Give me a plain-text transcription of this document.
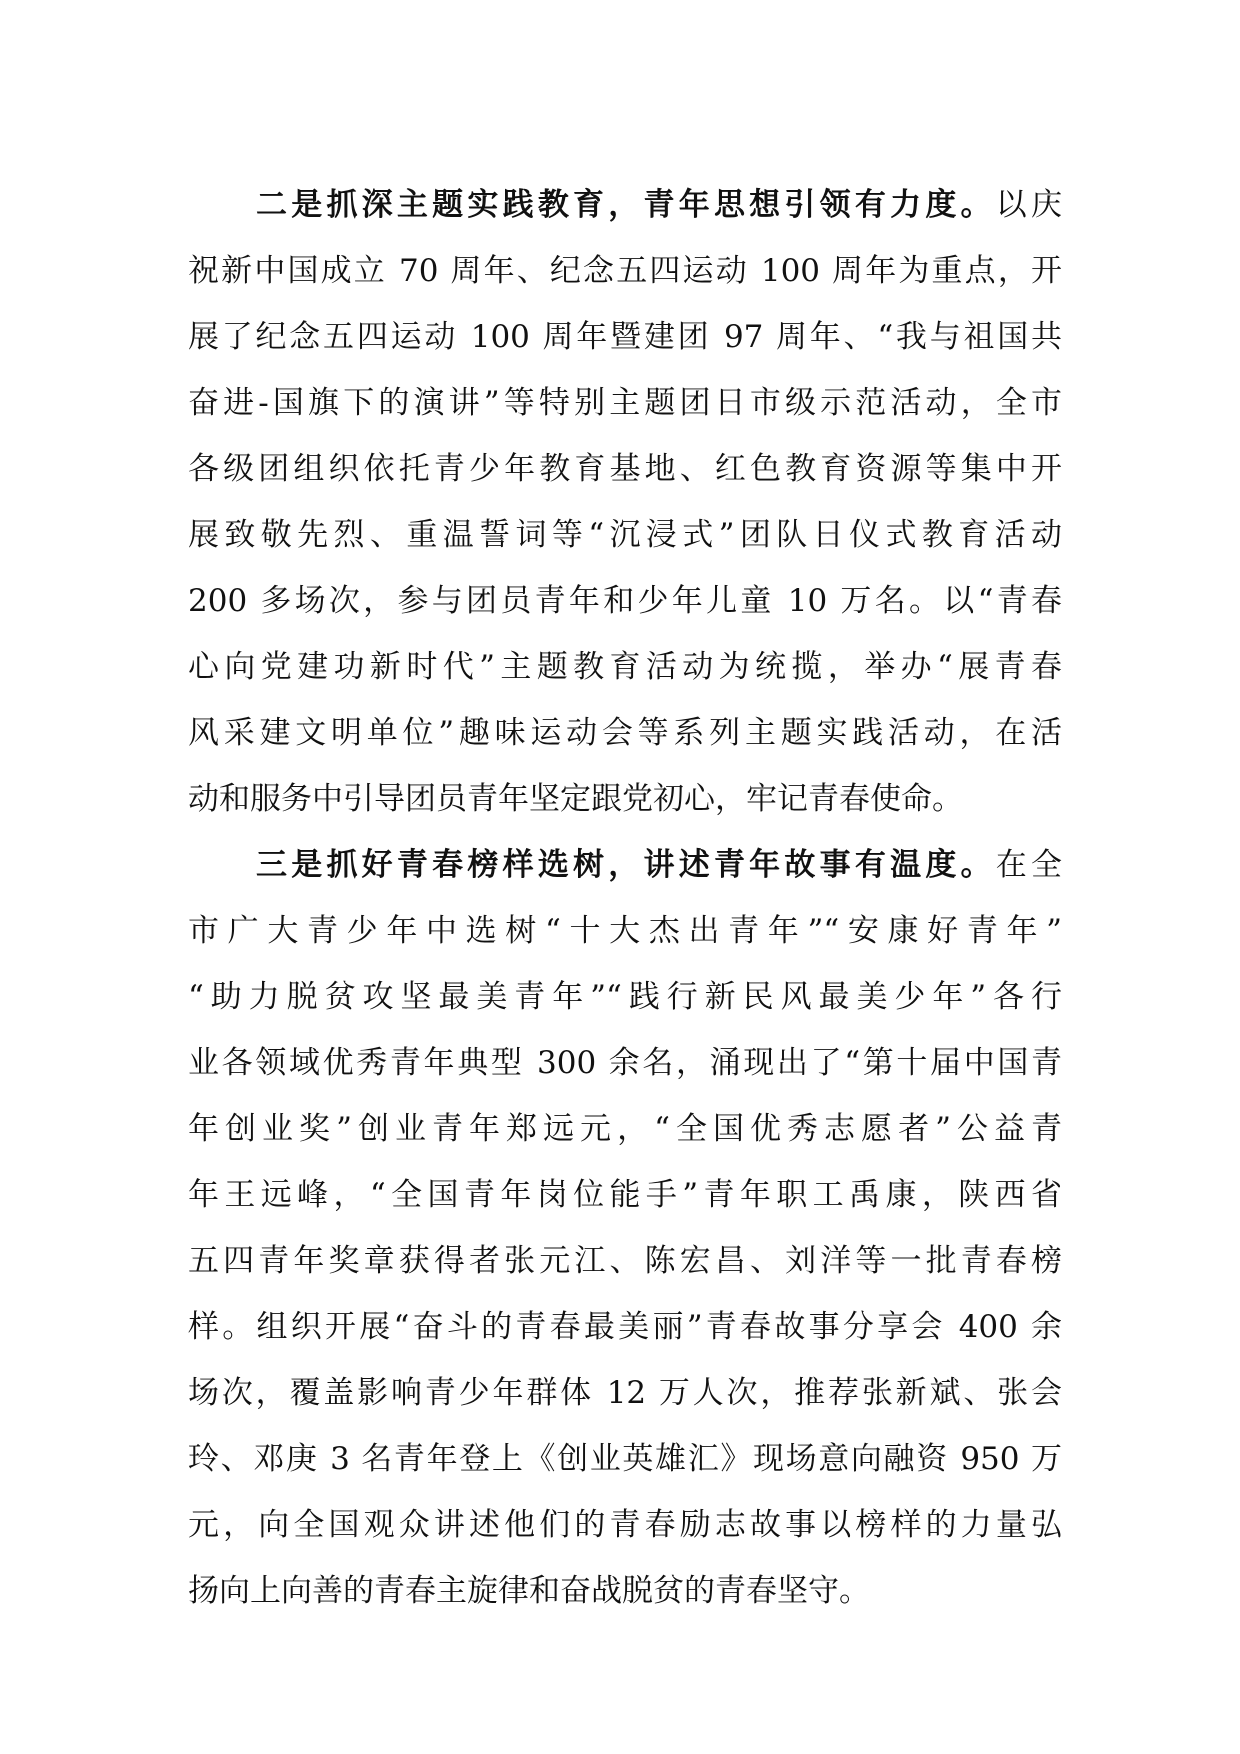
二是抓深主题实践教育，青年思想引领有力度。以庆
祝新中国成立 70 周年、纪念五四运动 100 周年为重点，开
展了纪念五四运动 100 周年暨建团 97 周年、“我与祖国共
奋进-国旗下的演讲”等特别主题团日市级示范活动，全市
各级团组织依托青少年教育基地、红色教育资源等集中开
展致敬先烈、重温誓词等“沉浸式”团队日仪式教育活动
200 多场次，参与团员青年和少年儿童 10 万名。以“青春
心向党建功新时代”主题教育活动为统揽，举办“展青春
风采建文明单位”趣味运动会等系列主题实践活动，在活
动和服务中引导团员青年坚定跟党初心，牢记青春使命。
三是抓好青春榜样选树，讲述青年故事有温度。在全
市广大青少年中选树“十大杰出青年”“安康好青年”
“助力脱贫攻坚最美青年”“践行新民风最美少年”各行
业各领域优秀青年典型 300 余名，涌现出了“第十届中国青
年创业奖”创业青年郑远元，“全国优秀志愿者”公益青
年王远峰，“全国青年岗位能手”青年职工禹康，陕西省
五四青年奖章获得者张元江、陈宏昌、刘洋等一批青春榜
样。组织开展“奋斗的青春最美丽”青春故事分享会 400 余
场次，覆盖影响青少年群体 12 万人次，推荐张新斌、张会
玲、邓庚 3 名青年登上《创业英雄汇》现场意向融资 950 万
元，向全国观众讲述他们的青春励志故事以榜样的力量弘
扬向上向善的青春主旋律和奋战脱贫的青春坚守。
